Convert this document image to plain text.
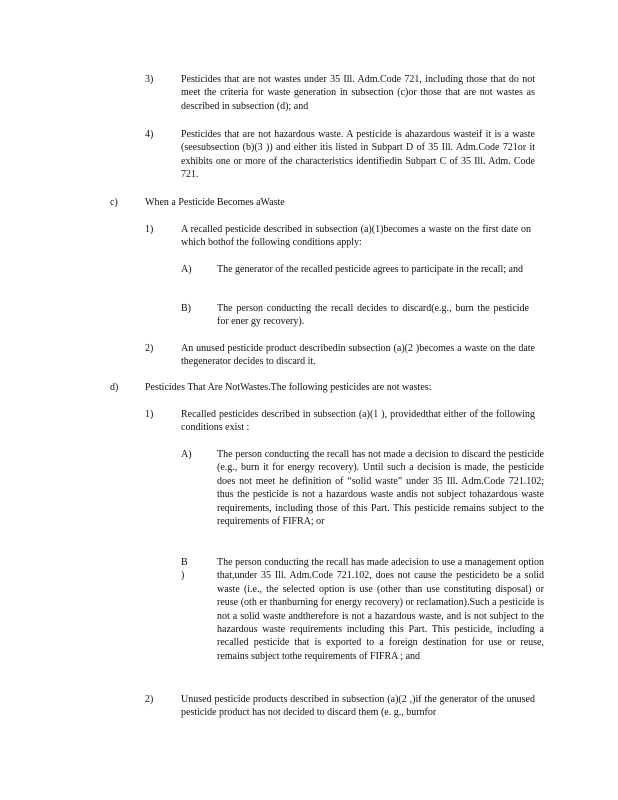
3)	Pesticides that are not wastes under 35 Ill. Adm.Code 721, including those that do not meet the criteria for waste generation in subsection (c)or those that are not wastes as described in subsection (d); and
4)	Pesticides that are not hazardous waste. A pesticide is ahazardous wasteif it is a waste (seesubsection (b)(3 )) and either itis listed in Subpart D of 35 Ill. Adm.Code 721or it exhibits one or more of the characteristics identifiedin Subpart C of 35 Ill. Adm. Code 721.
c)	When a Pesticide Becomes aWaste
1)	A recalled pesticide described in subsection (a)(1)becomes a waste on the first date on which bothof the following conditions apply:
A)	The generator of the recalled pesticide agrees to participate in the recall; and
B)	The person conducting the recall decides to discard(e.g., burn the pesticide for ener gy recovery).
2)	An unused pesticide product describedin subsection (a)(2 )becomes a waste on the date thegenerator decides to discard it.
d)	Pesticides That Are NotWastes.The following pesticides are not wastes:
1)	Recalled pesticides described in subsection (a)(1 ), providedthat either of the following conditions exist :
A)	The person conducting the recall has not made a decision to discard the pesticide (e.g., burn it for energy recovery). Until such a decision is made, the pesticide does not meet he definition of “solid waste” under 35 Ill. Adm.Code 721.102; thus the pesticide is not a hazardous waste andis not subject tohazardous waste requirements, including those of this Part. This pesticide remains subject to the requirements of FIFRA; or
B )
The person conducting the recall has made adecision to use a management option that,under 35 Ill. Adm.Code 721.102, does not cause the pesticideto be a solid waste (i.e., the selected option is use (other than use constituting disposal) or reuse (oth er thanburning for energy recovery) or reclamation).Such a pesticide is not a solid waste andtherefore is not a hazardous waste, and is not subject to the hazardous waste requirements including this Part. This pesticide, including a recalled pesticide that is exported to a foreign destination for use or reuse, remains subject tothe requirements of FIFRA ; and
2)	Unused pesticide products described in subsection (a)(2 ,)if the generator of the unused pesticide product has not decided to discard them (e. g., burnfor
